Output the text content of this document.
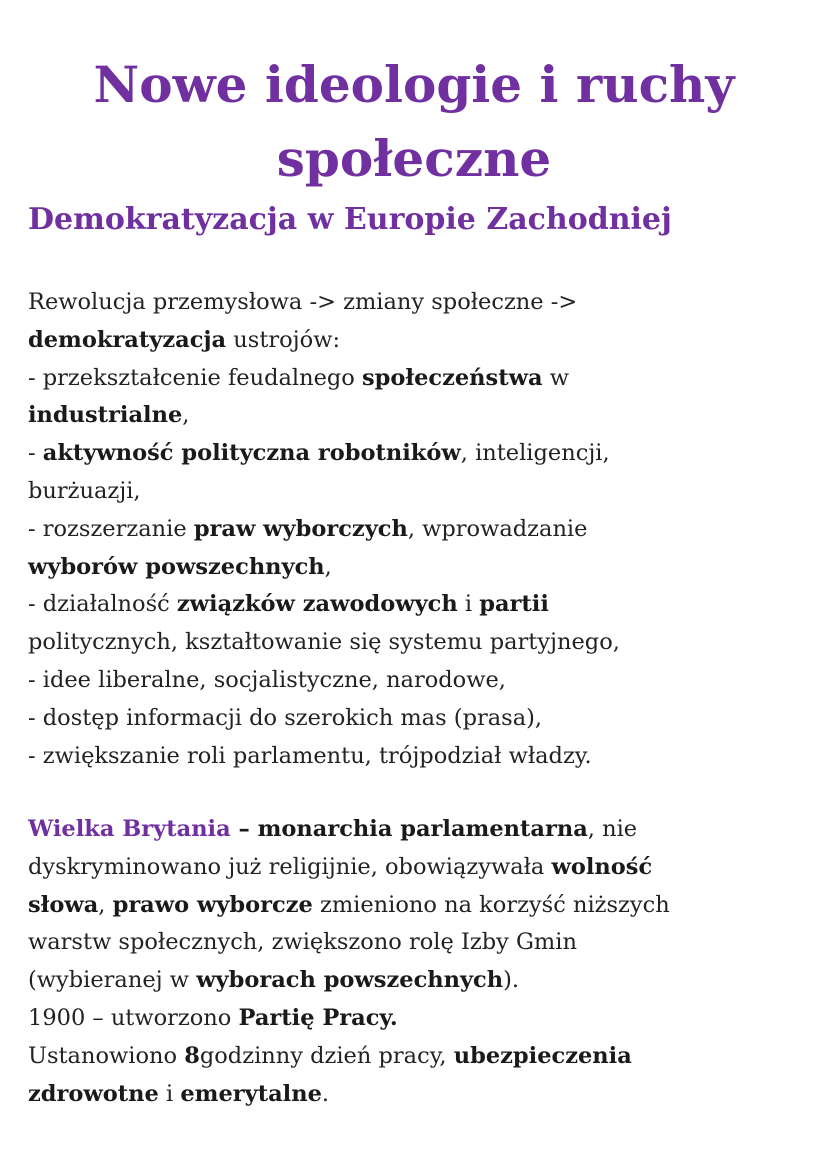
Nowe ideologie i ruchy
społeczne
Demokratyzacja w Europie Zachodniej
Rewolucja przemysłowa -> zmiany społeczne ->
demokratyzacja ustrojów:
- przekształcenie feudalnego społeczeństwa w
industrialne,
- aktywność polityczna robotników, inteligencji,
burżuazji,
- rozszerzanie praw wyborczych, wprowadzanie
wyborów powszechnych,
- działalność związków zawodowych i partii
politycznych, kształtowanie się systemu partyjnego,
- idee liberalne, socjalistyczne, narodowe,
- dostęp informacji do szerokich mas (prasa),
- zwiększanie roli parlamentu, trójpodział władzy.
Wielka Brytania – monarchia parlamentarna, nie
dyskryminowano już religijnie, obowiązywała wolność
słowa, prawo wyborcze zmieniono na korzyść niższych
warstw społecznych, zwiększono rolę Izby Gmin
(wybieranej w wyborach powszechnych).
1900 – utworzono Partię Pracy.
Ustanowiono 8godzinny dzień pracy, ubezpieczenia
zdrowotne i emerytalne.
